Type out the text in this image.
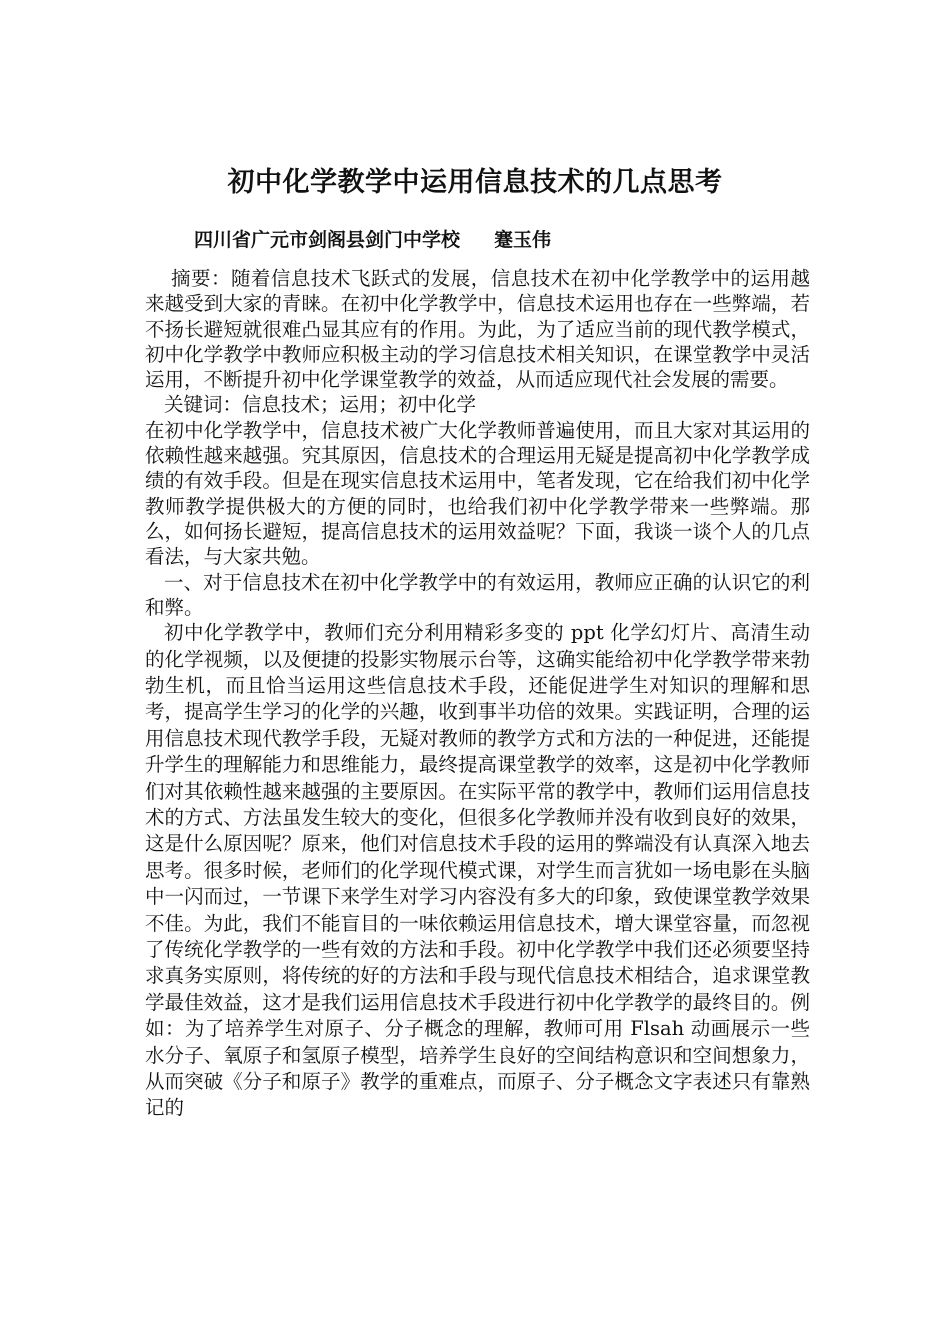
初中化学教学中运用信息技术的几点思考
四川省广元市剑阁县剑门中学校 蹇玉伟

摘要：随着信息技术飞跃式的发展，信息技术在初中化学教学中的运用越来越受到大家的青睐。在初中化学教学中，信息技术运用也存在一些弊端，若不扬长避短就很难凸显其应有的作用。为此，为了适应当前的现代教学模式，初中化学教学中教师应积极主动的学习信息技术相关知识，在课堂教学中灵活运用，不断提升初中化学课堂教学的效益，从而适应现代社会发展的需要。

关键词：信息技术；运用；初中化学

在初中化学教学中，信息技术被广大化学教师普遍使用，而且大家对其运用的依赖性越来越强。究其原因，信息技术的合理运用无疑是提高初中化学教学成绩的有效手段。但是在现实信息技术运用中，笔者发现，它在给我们初中化学教师教学提供极大的方便的同时，也给我们初中化学教学带来一些弊端。那么，如何扬长避短，提高信息技术的运用效益呢？下面，我谈一谈个人的几点看法，与大家共勉。

一、对于信息技术在初中化学教学中的有效运用，教师应正确的认识它的利和弊。

初中化学教学中，教师们充分利用精彩多变的 ppt 化学幻灯片、高清生动的化学视频，以及便捷的投影实物展示台等，这确实能给初中化学教学带来勃勃生机，而且恰当运用这些信息技术手段，还能促进学生对知识的理解和思考，提高学生学习的化学的兴趣，收到事半功倍的效果。实践证明，合理的运用信息技术现代教学手段，无疑对教师的教学方式和方法的一种促进，还能提升学生的理解能力和思维能力，最终提高课堂教学的效率，这是初中化学教师们对其依赖性越来越强的主要原因。在实际平常的教学中，教师们运用信息技术的方式、方法虽发生较大的变化，但很多化学教师并没有收到良好的效果，这是什么原因呢？原来，他们对信息技术手段的运用的弊端没有认真深入地去思考。很多时候，老师们的化学现代模式课，对学生而言犹如一场电影在头脑中一闪而过，一节课下来学生对学习内容没有多大的印象，致使课堂教学效果不佳。为此，我们不能盲目的一味依赖运用信息技术，增大课堂容量，而忽视了传统化学教学的一些有效的方法和手段。初中化学教学中我们还必须要坚持求真务实原则，将传统的好的方法和手段与现代信息技术相结合，追求课堂教学最佳效益，这才是我们运用信息技术手段进行初中化学教学的最终目的。例如：为了培养学生对原子、分子概念的理解，教师可用 Flsah 动画展示一些水分子、氧原子和氢原子模型，培养学生良好的空间结构意识和空间想象力，从而突破《分子和原子》教学的重难点，而原子、分子概念文字表述只有靠熟记的
